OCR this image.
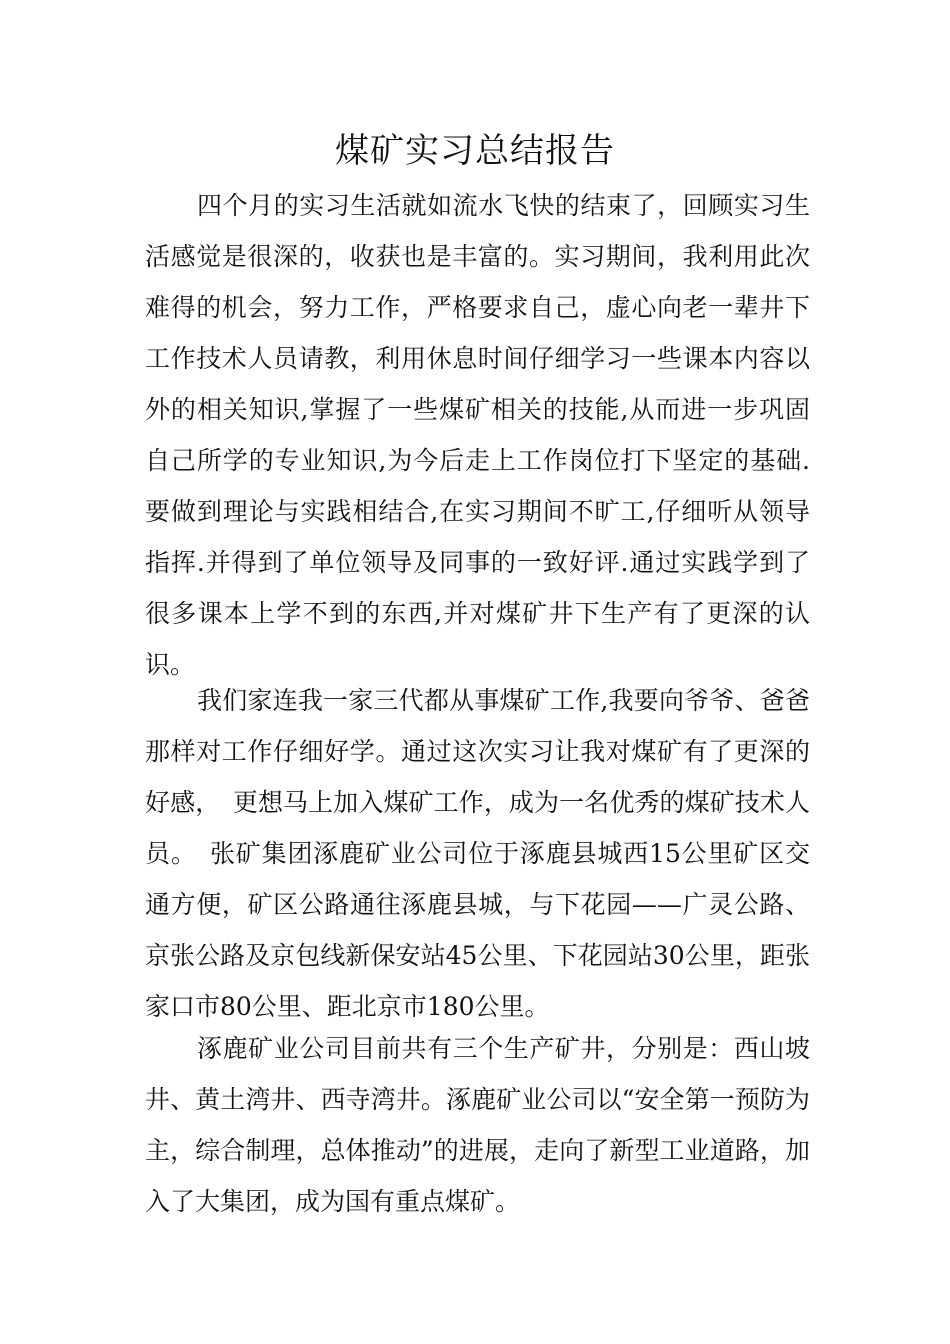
煤矿实习总结报告

四个月的实习生活就如流水飞快的结束了，回顾实习生活感觉是很深的，收获也是丰富的。实习期间，我利用此次难得的机会，努力工作，严格要求自己，虚心向老一辈井下工作技术人员请教，利用休息时间仔细学习一些课本内容以外的相关知识,掌握了一些煤矿相关的技能,从而进一步巩固自己所学的专业知识,为今后走上工作岗位打下坚定的基础.要做到理论与实践相结合,在实习期间不旷工,仔细听从领导指挥.并得到了单位领导及同事的一致好评.通过实践学到了很多课本上学不到的东西,并对煤矿井下生产有了更深的认识。

我们家连我一家三代都从事煤矿工作,我要向爷爷、爸爸那样对工作仔细好学。通过这次实习让我对煤矿有了更深的好感，　更想马上加入煤矿工作，成为一名优秀的煤矿技术人员。　张矿集团涿鹿矿业公司位于涿鹿县城西15公里矿区交通方便，矿区公路通往涿鹿县城，与下花园——广灵公路、京张公路及京包线新保安站45公里、下花园站30公里，距张家口市80公里、距北京市180公里。

涿鹿矿业公司目前共有三个生产矿井，分别是：西山坡井、黄土湾井、西寺湾井。涿鹿矿业公司以“安全第一预防为主，综合制理，总体推动”的进展，走向了新型工业道路，加入了大集团，成为国有重点煤矿。
